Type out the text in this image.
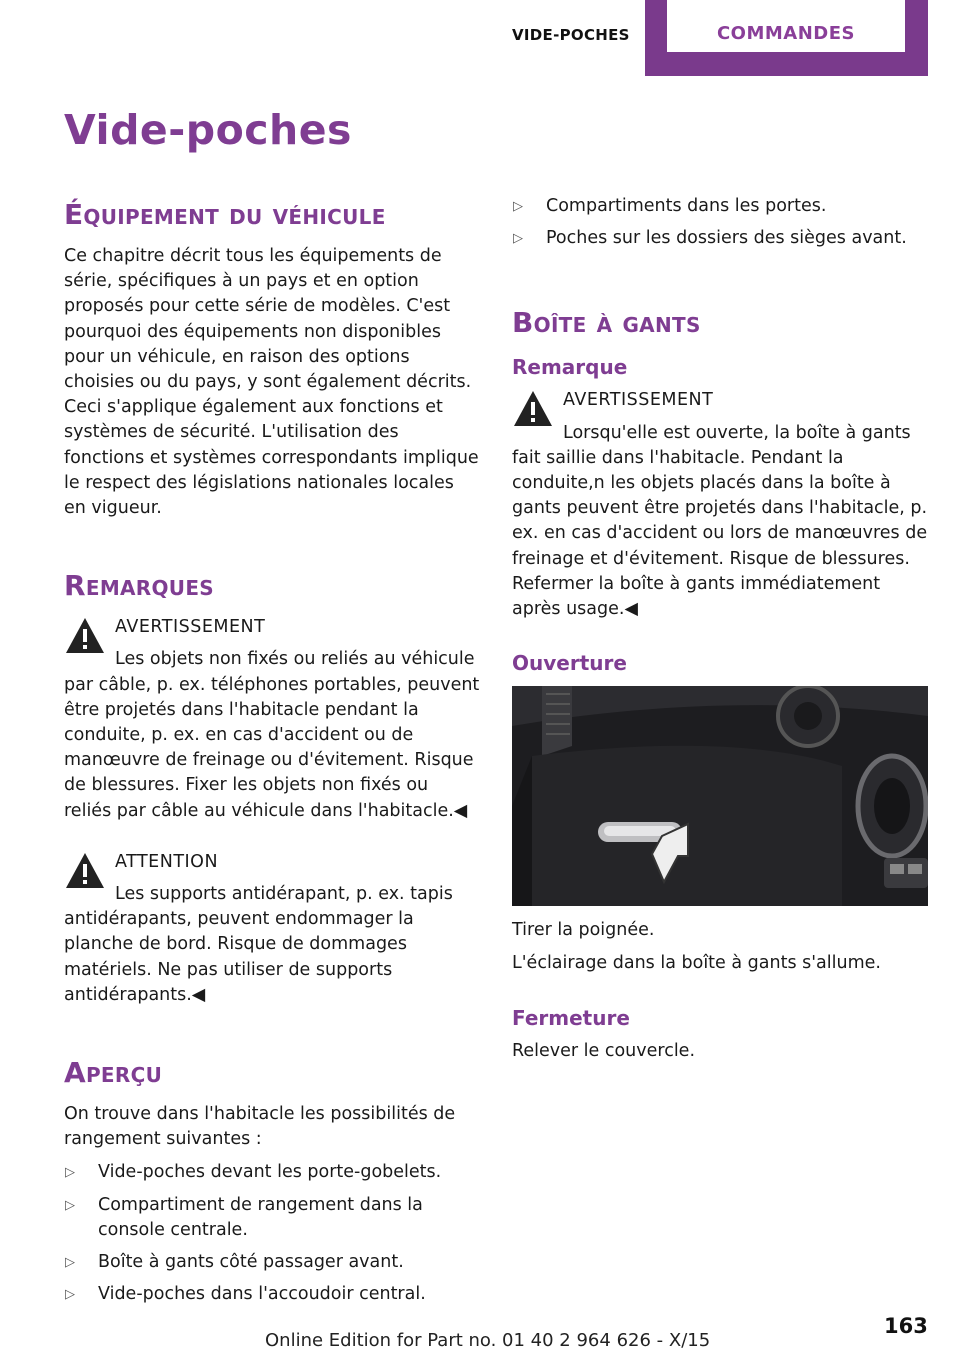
VIDE-POCHES	COMMANDES
Vide-poches
Équipement du véhicule

Ce chapitre décrit tous les équipements de série, spécifiques à un pays et en option proposés pour cette série de modèles. C'est pourquoi des équipements non disponibles pour un véhicule, en raison des options choisies ou du pays, y sont également décrits. Ceci s'applique également aux fonctions et systèmes de sécurité. L'utilisation des fonctions et systèmes correspondants implique le respect des législations nationales locales en vigueur.

Remarques
AVERTISSEMENT
Les objets non fixés ou reliés au véhicule par câble, p. ex. téléphones portables, peuvent être projetés dans l'habitacle pendant la conduite, p. ex. en cas d'accident ou de manœuvre de freinage ou d'évitement. Risque de blessures. Fixer les objets non fixés ou reliés par câble au véhicule dans l'habitacle.◀
ATTENTION
Les supports antidérapant, p. ex. tapis antidérapants, peuvent endommager la planche de bord. Risque de dommages matériels. Ne pas utiliser de supports antidérapants.◀
Aperçu

On trouve dans l'habitacle les possibilités de rangement suivantes :

▷ Vide-poches devant les porte-gobelets.
▷ Compartiment de rangement dans la console centrale.
▷ Boîte à gants côté passager avant.
▷ Vide-poches dans l'accoudoir central.
▷ Compartiments dans les portes.
▷ Poches sur les dossiers des sièges avant.
Boîte à gants
Remarque
AVERTISSEMENT
Lorsqu'elle est ouverte, la boîte à gants fait saillie dans l'habitacle. Pendant la conduite,n les objets placés dans la boîte à gants peuvent être projetés dans l'habitacle, p. ex. en cas d'accident ou lors de manœuvres de freinage et d'évitement. Risque de blessures. Refermer la boîte à gants immédiatement après usage.◀
Ouverture

Tirer la poignée.

L'éclairage dans la boîte à gants s'allume.

Fermeture

Relever le couvercle.

Online Edition for Part no. 01 40 2 964 626 - X/15
163
